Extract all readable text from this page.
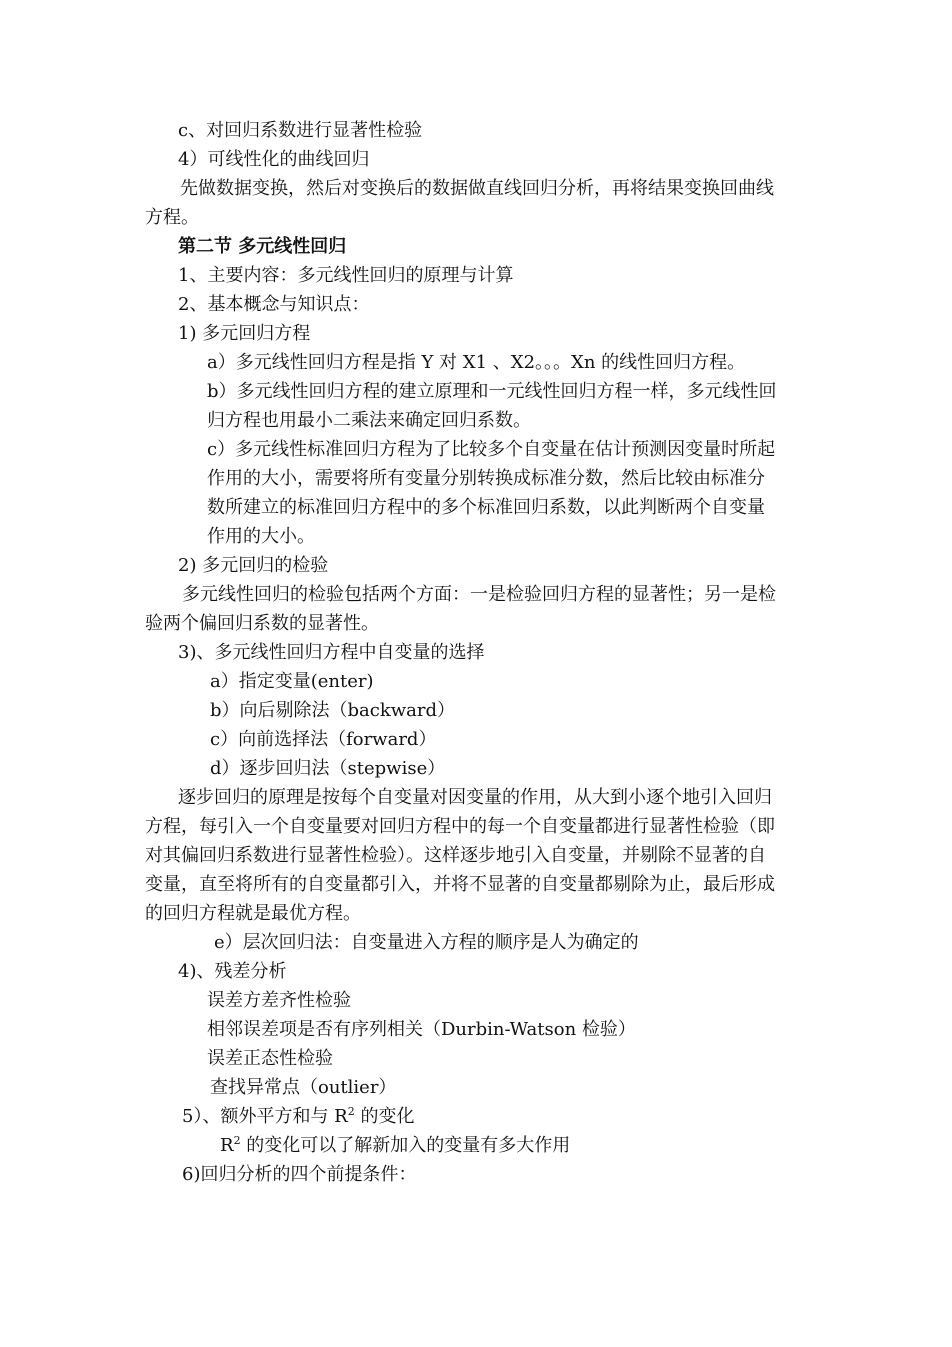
c、对回归系数进行显著性检验
4）可线性化的曲线回归
先做数据变换，然后对变换后的数据做直线回归分析，再将结果变换回曲线
方程。
第二节 多元线性回归
1、主要内容：多元线性回归的原理与计算
2、基本概念与知识点：
1) 多元回归方程
a）多元线性回归方程是指 Y 对 X1 、X2。。。Xn 的线性回归方程。
b）多元线性回归方程的建立原理和一元线性回归方程一样，多元线性回
归方程也用最小二乘法来确定回归系数。
c）多元线性标准回归方程为了比较多个自变量在估计预测因变量时所起
作用的大小，需要将所有变量分别转换成标准分数，然后比较由标准分
数所建立的标准回归方程中的多个标准回归系数，以此判断两个自变量
作用的大小。
2) 多元回归的检验
多元线性回归的检验包括两个方面：一是检验回归方程的显著性；另一是检
验两个偏回归系数的显著性。
3)、多元线性回归方程中自变量的选择
a）指定变量(enter)
b）向后剔除法（backward）
c）向前选择法（forward）
d）逐步回归法（stepwise）
逐步回归的原理是按每个自变量对因变量的作用，从大到小逐个地引入回归
方程，每引入一个自变量要对回归方程中的每一个自变量都进行显著性检验（即
对其偏回归系数进行显著性检验）。这样逐步地引入自变量，并剔除不显著的自
变量，直至将所有的自变量都引入，并将不显著的自变量都剔除为止，最后形成
的回归方程就是最优方程。
e）层次回归法：自变量进入方程的顺序是人为确定的
4)、残差分析
误差方差齐性检验
相邻误差项是否有序列相关（Durbin-Watson 检验）
误差正态性检验
查找异常点（outlier）
5）、额外平方和与 $R^2$ 的变化
$R^2$ 的变化可以了解新加入的变量有多大作用
6)回归分析的四个前提条件：
